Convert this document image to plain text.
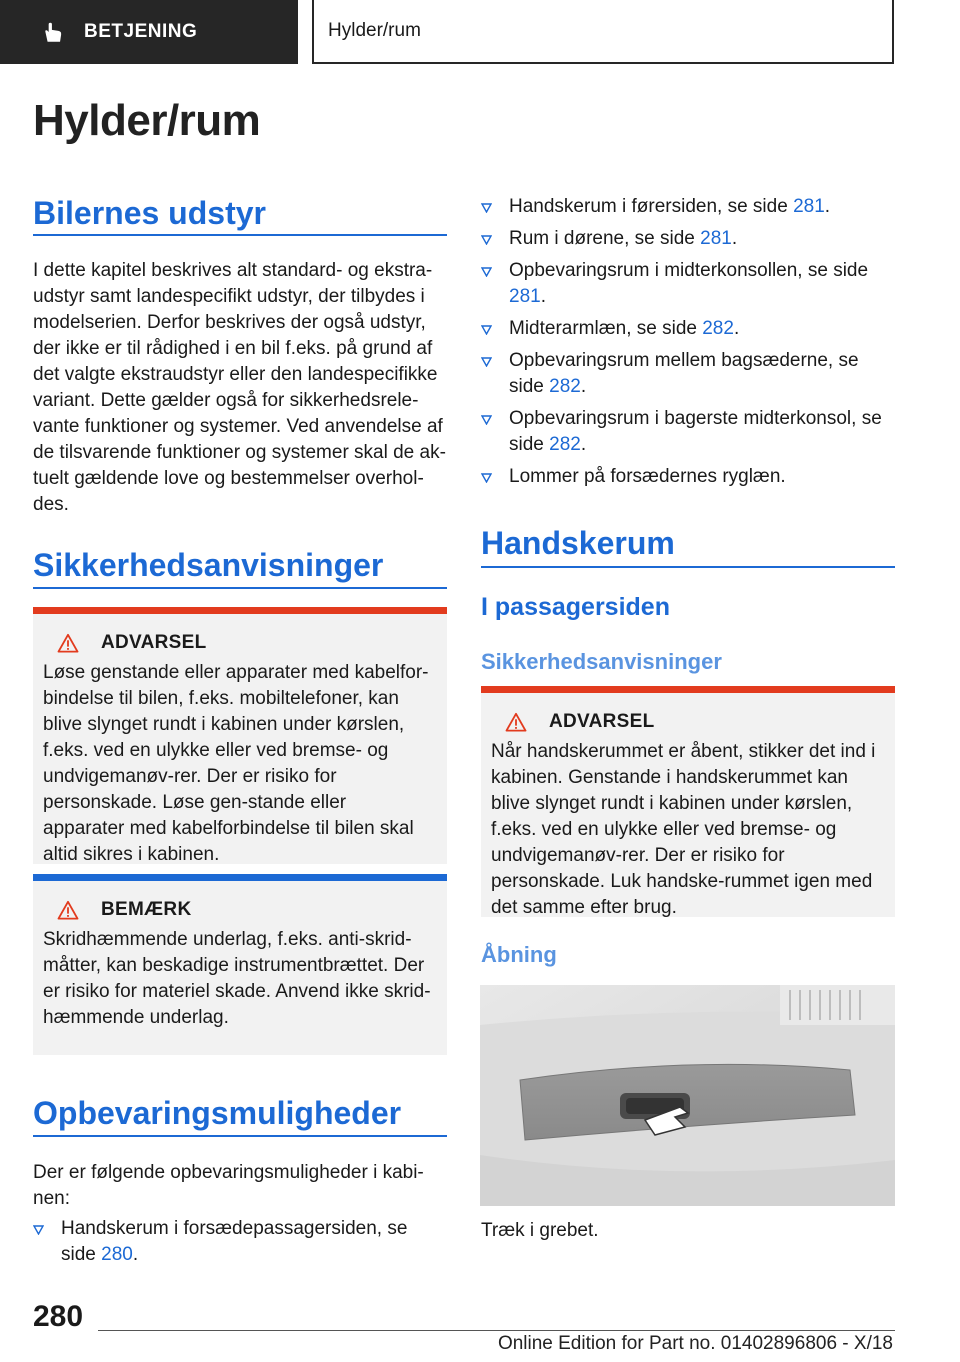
BETJENING	Hylder/rum
Hylder/rum
Bilernes udstyr

I dette kapitel beskrives alt standard- og ekstra-udstyr samt landespecifikt udstyr, der tilbydes i modelserien. Derfor beskrives der også udstyr, der ikke er til rådighed i en bil f.eks. på grund af det valgte ekstraudstyr eller den landespecifikke variant. Dette gælder også for sikkerhedsrele-vante funktioner og systemer. Ved anvendelse af de tilsvarende funktioner og systemer skal de ak-tuelt gældende love og bestemmelser overhol-des.

Sikkerhedsanvisninger
ADVARSEL
Løse genstande eller apparater med kabelfor-bindelse til bilen, f.eks. mobiltelefoner, kan blive slynget rundt i kabinen under kørslen, f.eks. ved en ulykke eller ved bremse- og undvigemanøv-rer. Der er risiko for personskade. Løse gen-stande eller apparater med kabelforbindelse til bilen skal altid sikres i kabinen.
BEMÆRK
Skridhæmmende underlag, f.eks. anti-skrid-måtter, kan beskadige instrumentbrættet. Der er risiko for materiel skade. Anvend ikke skrid-hæmmende underlag.
Opbevaringsmuligheder

Der er følgende opbevaringsmuligheder i kabi-nen:

Handskerum i forsædepassagersiden, se side 280.
Handskerum i førersiden, se side 281.
Rum i dørene, se side 281.
Opbevaringsrum i midterkonsollen, se side 281.
Midterarmlæn, se side 282.
Opbevaringsrum mellem bagsæderne, se side 282.
Opbevaringsrum i bagerste midterkonsol, se side 282.
Lommer på forsædernes ryglæn.
Handskerum
I passagersiden
Sikkerhedsanvisninger
ADVARSEL
Når handskerummet er åbent, stikker det ind i kabinen. Genstande i handskerummet kan blive slynget rundt i kabinen under kørslen, f.eks. ved en ulykke eller ved bremse- og undvigemanøv-rer. Der er risiko for personskade. Luk handske-rummet igen med det samme efter brug.
Åbning
Træk i grebet.
280
Online Edition for Part no. 01402896806 - X/18
